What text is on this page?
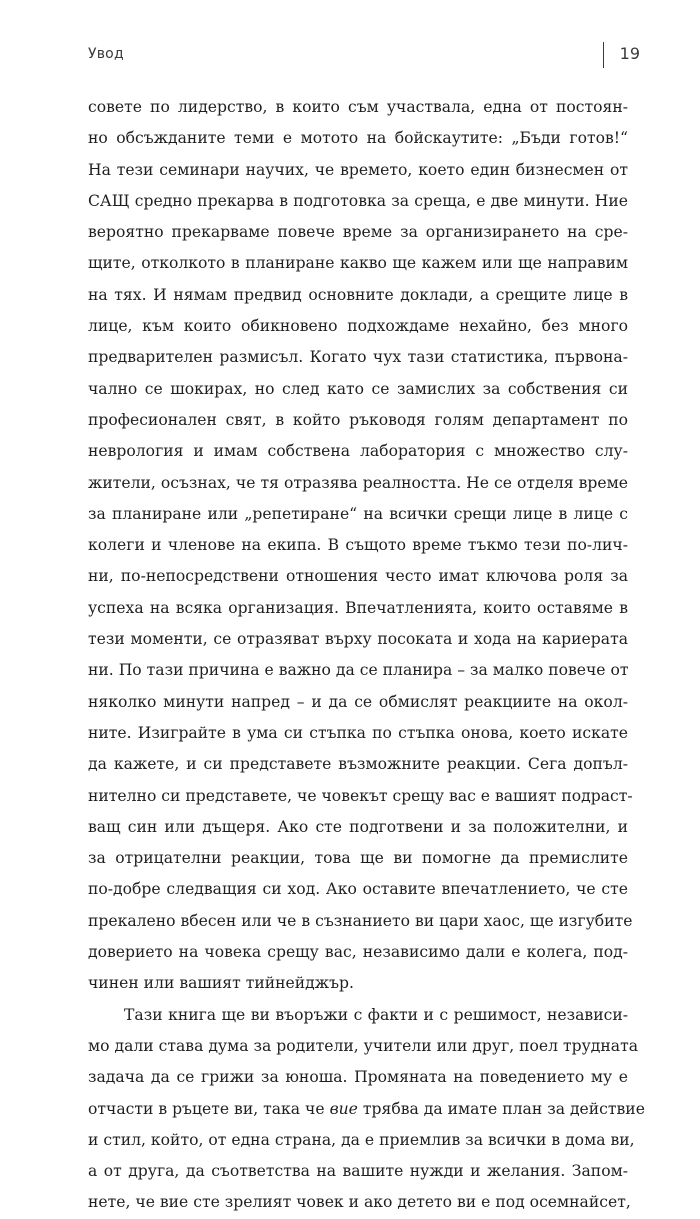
Увод	19

совете по лидерство, в които съм участвала, една от постоян-
но обсъжданите теми е мотото на бойскаутите: „Бъди готов!“
На тези семинари научих, че времето, което един бизнесмен от
САЩ средно прекарва в подготовка за среща, е две минути. Ние
вероятно прекарваме повече време за организирането на сре-
щите, отколкото в планиране какво ще кажем или ще направим
на тях. И нямам предвид основните доклади, а срещите лице в
лице, към които обикновено подхождаме нехайно, без много
предварителен размисъл. Когато чух тази статистика, първона-
чално се шокирах, но след като се замислих за собствения си
професионален свят, в който ръководя голям департамент по
неврология и имам собствена лаборатория с множество слу-
жители, осъзнах, че тя отразява реалността. Не се отделя време
за планиране или „репетиране“ на всички срещи лице в лице с
колеги и членове на екипа. В същото време тъкмо тези по-лич-
ни, по-непосредствени отношения често имат ключова роля за
успеха на всяка организация. Впечатленията, които оставяме в
тези моменти, се отразяват върху посоката и хода на кариерата
ни. По тази причина е важно да се планира – за малко повече от
няколко минути напред – и да се обмислят реакциите на окол-
ните. Изиграйте в ума си стъпка по стъпка онова, което искате
да кажете, и си представете възможните реакции. Сега допъл-
нително си представете, че човекът срещу вас е вашият подраст-
ващ син или дъщеря. Ако сте подготвени и за положителни, и
за отрицателни реакции, това ще ви помогне да премислите
по-добре следващия си ход. Ако оставите впечатлението, че сте
прекалено вбесен или че в съзнанието ви цари хаос, ще изгубите
доверието на човека срещу вас, независимо дали е колега, под-
чинен или вашият тийнейджър.

Тази книга ще ви въоръжи с факти и с решимост, независи-
мо дали става дума за родители, учители или друг, поел трудната
задача да се грижи за юноша. Промяната на поведението му е
отчасти в ръцете ви, така че вие трябва да имате план за действие
и стил, който, от една страна, да е приемлив за всички в дома ви,
а от друга, да съответства на вашите нужди и желания. Запом-
нете, че вие сте зрелият човек и ако детето ви е под осемнайсет,
